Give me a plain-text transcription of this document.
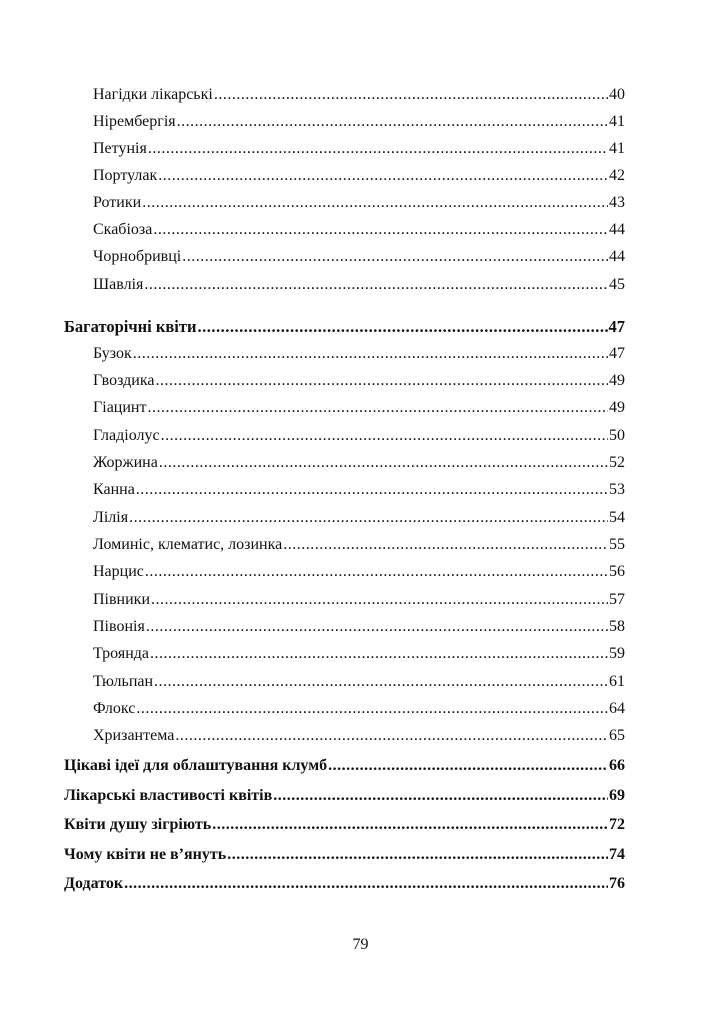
Нагідки лікарські .....	40
Нірембергія .....	41
Петунія .....	41
Портулак .....	42
Ротики .....	43
Скабіоза .....	44
Чорнобривці .....	44
Шавлія .....	45
Багаторічні квіти .....	47
Бузок .....	47
Гвоздика .....	49
Гіацинт .....	49
Гладіолус .....	50
Жоржина .....	52
Канна .....	53
Лілія .....	54
Ломиніс, клематис, лозинка .....	55
Нарцис .....	56
Півники .....	57
Півонія .....	58
Троянда .....	59
Тюльпан .....	61
Флокс .....	64
Хризантема .....	65
Цікаві ідеї для облаштування клумб .....	66
Лікарські властивості квітів .....	69
Квіти душу зігріють .....	72
Чому квіти не в’януть .....	74
Додаток .....	76
79
